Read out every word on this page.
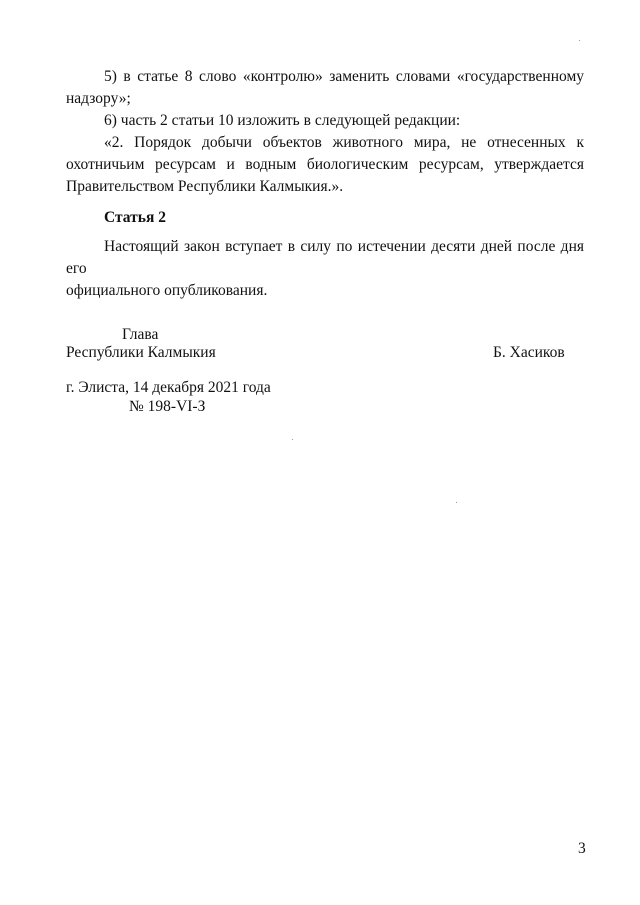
5) в статье 8 слово «контролю» заменить словами «государственному

надзору»;

6) часть 2 статьи 10 изложить в следующей редакции:

«2. Порядок добычи объектов животного мира, не отнесенных к

охотничьим ресурсам и водным биологическим ресурсам, утверждается

Правительством Республики Калмыкия.».

Статья 2

Настоящий закон вступает в силу по истечении десяти дней после дня его

официального опубликования.

Глава
Республики Калмыкия	Б. Хасиков
г. Элиста, 14 декабря 2021 года
№ 198-VI-З
3
